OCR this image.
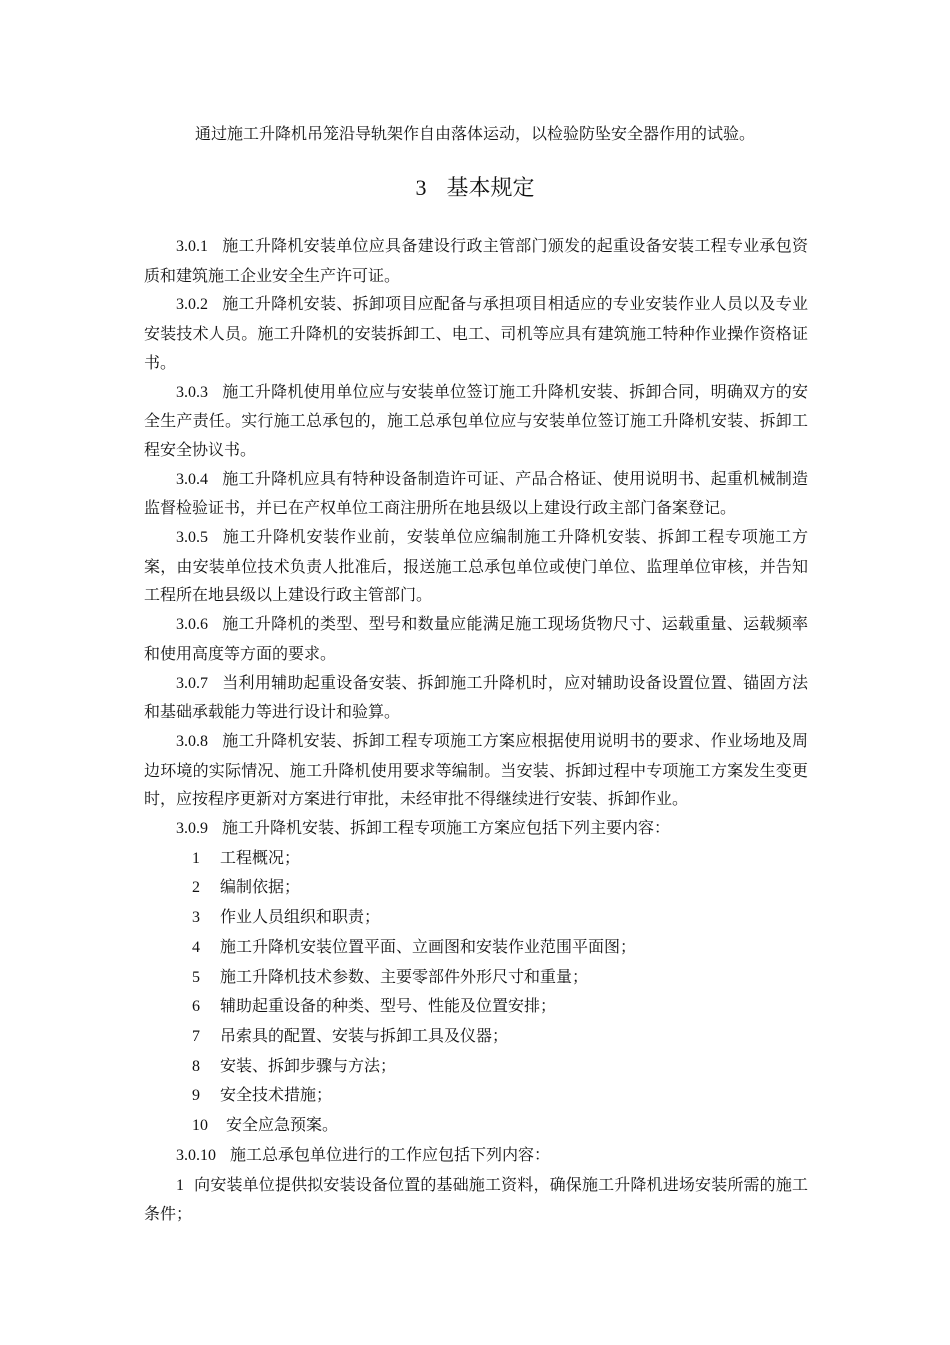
通过施工升降机吊笼沿导轨架作自由落体运动，以检验防坠安全器作用的试验。
3 基本规定

3.0.1 施工升降机安装单位应具备建设行政主管部门颁发的起重设备安装工程专业承包资质和建筑施工企业安全生产许可证。

3.0.2 施工升降机安装、拆卸项目应配备与承担项目相适应的专业安装作业人员以及专业安装技术人员。施工升降机的安装拆卸工、电工、司机等应具有建筑施工特种作业操作资格证书。

3.0.3 施工升降机使用单位应与安装单位签订施工升降机安装、拆卸合同，明确双方的安全生产责任。实行施工总承包的，施工总承包单位应与安装单位签订施工升降机安装、拆卸工程安全协议书。

3.0.4 施工升降机应具有特种设备制造许可证、产品合格证、使用说明书、起重机械制造监督检验证书，并已在产权单位工商注册所在地县级以上建设行政主部门备案登记。

3.0.5 施工升降机安装作业前，安装单位应编制施工升降机安装、拆卸工程专项施工方案，由安装单位技术负责人批准后，报送施工总承包单位或使门单位、监理单位审核，并告知工程所在地县级以上建设行政主管部门。

3.0.6 施工升降机的类型、型号和数量应能满足施工现场货物尺寸、运载重量、运载频率和使用高度等方面的要求。

3.0.7 当利用辅助起重设备安装、拆卸施工升降机时，应对辅助设备设置位置、锚固方法和基础承载能力等进行设计和验算。

3.0.8 施工升降机安装、拆卸工程专项施工方案应根据使用说明书的要求、作业场地及周边环境的实际情况、施工升降机使用要求等编制。当安装、拆卸过程中专项施工方案发生变更时，应按程序更新对方案进行审批，未经审批不得继续进行安装、拆卸作业。

3.0.9 施工升降机安装、拆卸工程专项施工方案应包括下列主要内容：

1 工程概况；

2 编制依据；

3 作业人员组织和职责；

4 施工升降机安装位置平面、立画图和安装作业范围平面图；

5 施工升降机技术参数、主要零部件外形尺寸和重量；

6 辅助起重设备的种类、型号、性能及位置安排；

7 吊索具的配置、安装与拆卸工具及仪器；

8 安装、拆卸步骤与方法；

9 安全技术措施；

10 安全应急预案。

3.0.10 施工总承包单位进行的工作应包括下列内容：

1 向安装单位提供拟安装设备位置的基础施工资料，确保施工升降机进场安装所需的施工条件；
